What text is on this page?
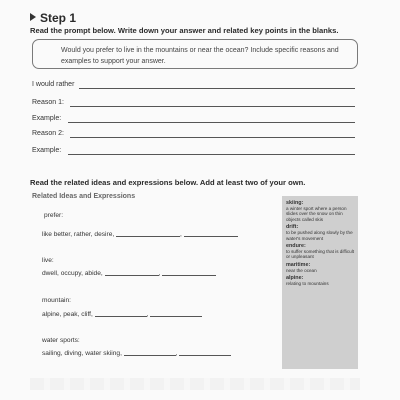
Step 1
Read the prompt below. Write down your answer and related key points in the blanks.
Would you prefer to live in the mountains or near the ocean? Include specific reasons and examples to support your answer.
I would rather
Reason 1:
Example:
Reason 2:
Example:
Read the related ideas and expressions below. Add at least two of your own.
Related Ideas and Expressions
prefer:
like better, rather, desire,	,
live:
dwell, occupy, abide,	,
mountain:
alpine, peak, cliff,	,
water sports:
sailing, diving, water skiing,	,
skiing:
a winter sport where a person slides over the snow on thin objects called skis
drift:
to be pushed along slowly by the water's movement
endure:
to suffer something that is difficult or unpleasant
maritime:
near the ocean
alpine:
relating to mountains
